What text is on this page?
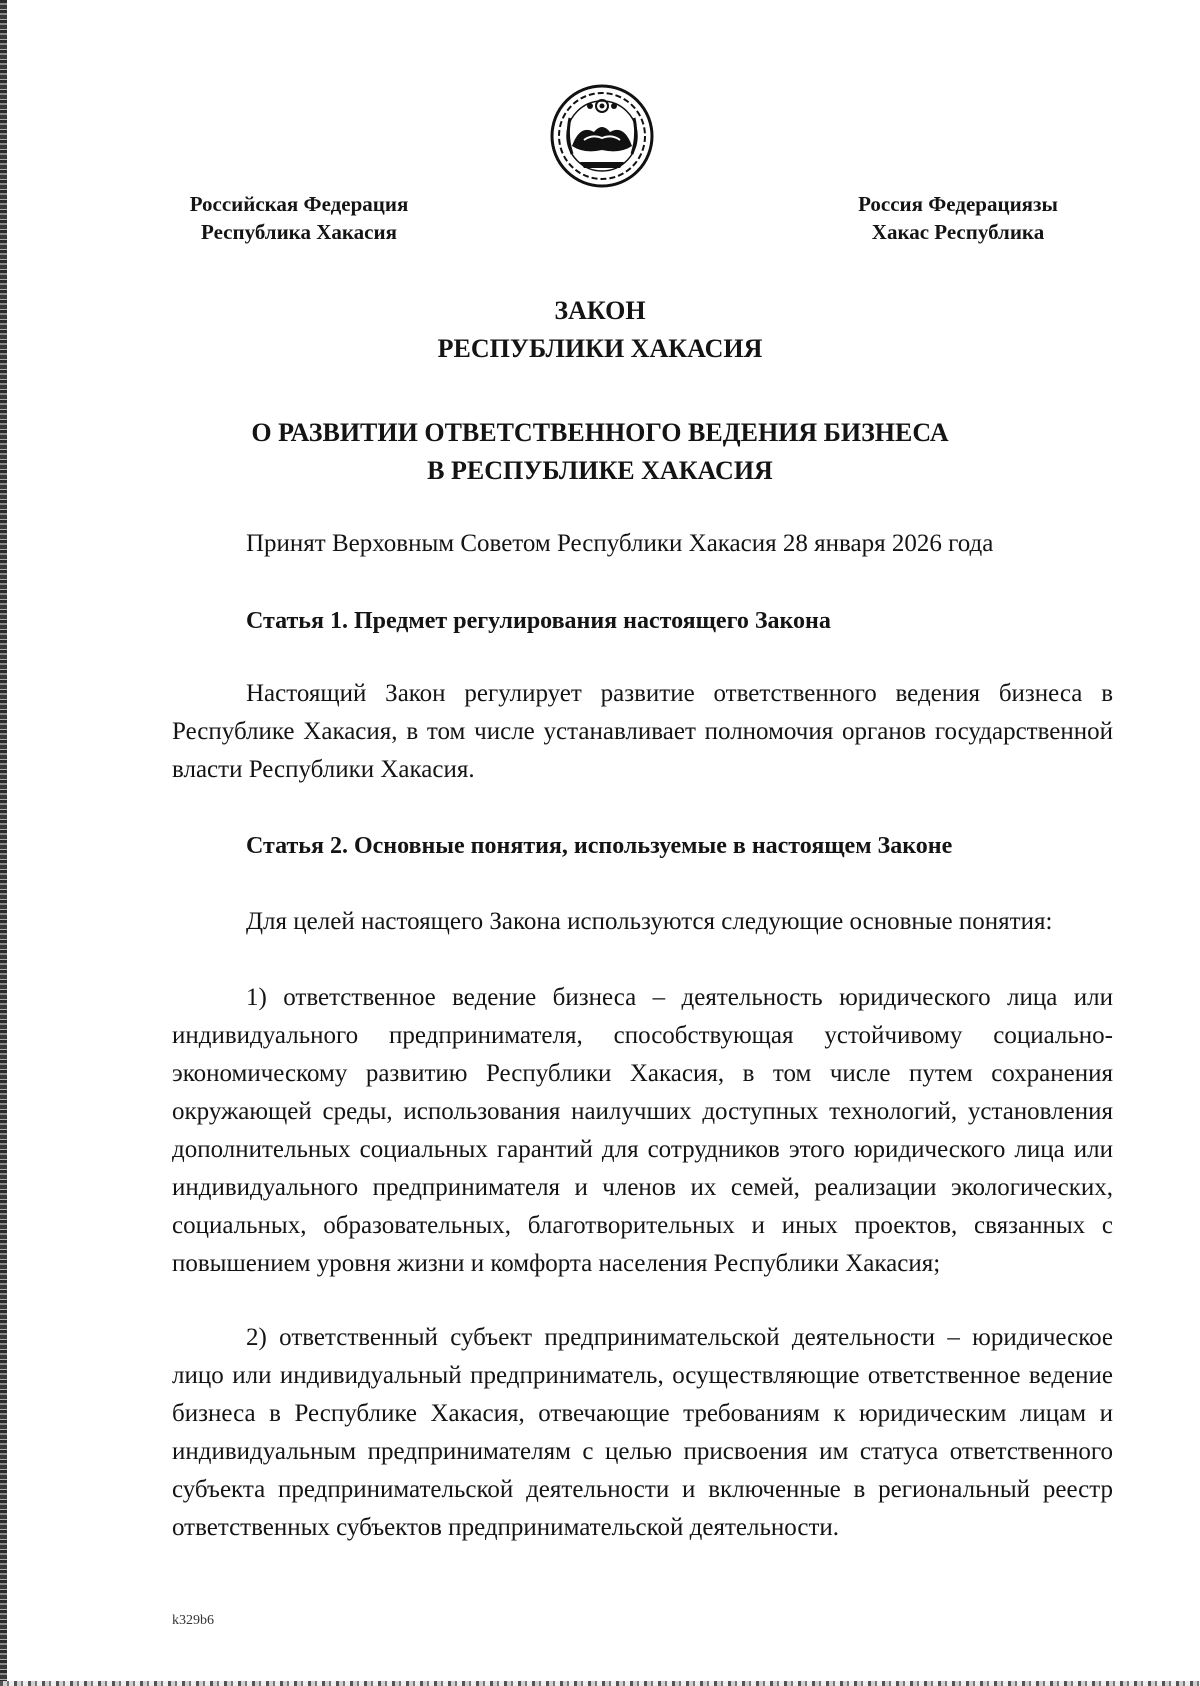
Российская Федерация
Республика Хакасия
Россия Федерациязы
Хакас Республика
ЗАКОН
РЕСПУБЛИКИ ХАКАСИЯ
О РАЗВИТИИ ОТВЕТСТВЕННОГО ВЕДЕНИЯ БИЗНЕСА
В РЕСПУБЛИКЕ ХАКАСИЯ
Принят Верховным Советом Республики Хакасия 28 января 2026 года
Статья 1. Предмет регулирования настоящего Закона

Настоящий Закон регулирует развитие ответственного ведения бизнеса в Республике Хакасия, в том числе устанавливает полномочия органов государственной власти Республики Хакасия.

Статья 2. Основные понятия, используемые в настоящем Законе

Для целей настоящего Закона используются следующие основные понятия:

1) ответственное ведение бизнеса – деятельность юридического лица или индивидуального предпринимателя, способствующая устойчивому социально-экономическому развитию Республики Хакасия, в том числе путем сохранения окружающей среды, использования наилучших доступных технологий, установления дополнительных социальных гарантий для сотрудников этого юридического лица или индивидуального предпринимателя и членов их семей, реализации экологических, социальных, образовательных, благотворительных и иных проектов, связанных с повышением уровня жизни и комфорта населения Республики Хакасия;

2) ответственный субъект предпринимательской деятельности – юридическое лицо или индивидуальный предприниматель, осуществляющие ответственное ведение бизнеса в Республике Хакасия, отвечающие требованиям к юридическим лицам и индивидуальным предпринимателям с целью присвоения им статуса ответственного субъекта предпринимательской деятельности и включенные в региональный реестр ответственных субъектов предпринимательской деятельности.

k329b6
